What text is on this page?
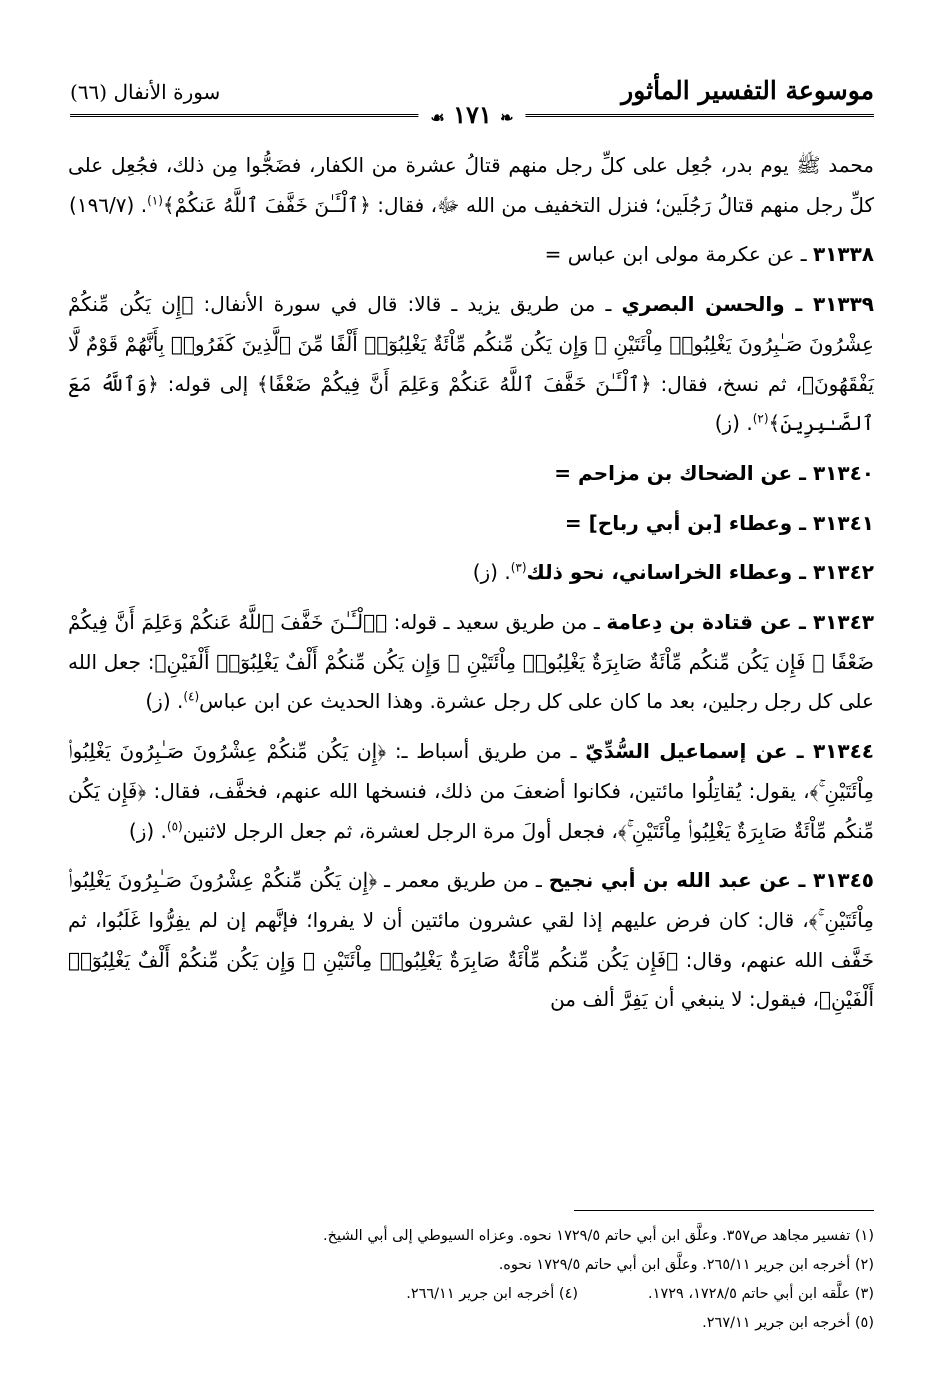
موسوعة التفسير المأثور
سورة الأنفال (٦٦)
❧ ١٧١ ☙

محمد ﷺ يوم بدر، جُعِل على كلِّ رجل منهم قتالُ عشرة من الكفار، فضَجُّوا مِن ذلك، فجُعِل على كلِّ رجل منهم قتالُ رَجُلَين؛ فنزل التخفيف من الله ﷻ، فقال: ﴿ٱلْـَٔـٰنَ خَفَّفَ ٱللَّهُ عَنكُمْ﴾$^{(١)}$. (١٩٦/٧)

٣١٣٣٨ ـ عن عكرمة مولى ابن عباس =

٣١٣٣٩ ـ والحسن البصري ـ من طريق يزيد ـ قالا: قال في سورة الأنفال: ﴿إِن يَكُن مِّنكُمْ عِشْرُونَ صَـٰبِرُونَ يَغْلِبُوا۟ مِاْئَتَيْنِ ۚ وَإِن يَكُن مِّنكُم مِّاْئَةٌ يَغْلِبُوٓا۟ أَلْفًا مِّنَ ٱلَّذِينَ كَفَرُوا۟ بِأَنَّهُمْ قَوْمٌ لَّا يَفْقَهُونَ﴾، ثم نسخ، فقال: ﴿ٱلْـَٔـٰنَ خَفَّفَ ٱللَّهُ عَنكُمْ وَعَلِمَ أَنَّ فِيكُمْ ضَعْفًا﴾ إلى قوله: ﴿وَٱللَّهُ مَعَ ٱلصَّـٰبِرِينَ﴾$^{(٢)}$. (ز)

٣١٣٤٠ ـ عن الضحاك بن مزاحم =

٣١٣٤١ ـ وعطاء [بن أبي رباح] =

٣١٣٤٢ ـ وعطاء الخراساني، نحو ذلك$^{(٣)}$. (ز)

٣١٣٤٣ ـ عن قتادة بن دِعامة ـ من طريق سعيد ـ قوله: ﴿ٱلْـَٔـٰنَ خَفَّفَ ٱللَّهُ عَنكُمْ وَعَلِمَ أَنَّ فِيكُمْ ضَعْفًا ۚ فَإِن يَكُن مِّنكُم مِّاْئَةٌ صَابِرَةٌ يَغْلِبُوا۟ مِاْئَتَيْنِ ۚ وَإِن يَكُن مِّنكُمْ أَلْفٌ يَغْلِبُوٓا۟ أَلْفَيْنِ﴾: جعل الله على كل رجل رجلين، بعد ما كان على كل رجل عشرة. وهذا الحديث عن ابن عباس$^{(٤)}$. (ز)

٣١٣٤٤ ـ عن إسماعيل السُّدِّيّ ـ من طريق أسباط ـ: ﴿إِن يَكُن مِّنكُمْ عِشْرُونَ صَـٰبِرُونَ يَغْلِبُوا۟ مِاْئَتَيْنِ ۚ﴾، يقول: يُقاتِلُوا مائتين، فكانوا أضعفَ من ذلك، فنسخها الله عنهم، فخفَّف، فقال: ﴿فَإِن يَكُن مِّنكُم مِّاْئَةٌ صَابِرَةٌ يَغْلِبُوا۟ مِاْئَتَيْنِ ۚ﴾، فجعل أولَ مرة الرجل لعشرة، ثم جعل الرجل لاثنين$^{(٥)}$. (ز)

٣١٣٤٥ ـ عن عبد الله بن أبي نجيح ـ من طريق معمر ـ ﴿إِن يَكُن مِّنكُمْ عِشْرُونَ صَـٰبِرُونَ يَغْلِبُوا۟ مِاْئَتَيْنِ ۚ﴾، قال: كان فرض عليهم إذا لقي عشرون مائتين أن لا يفروا؛ فإنَّهم إن لم يفِرُّوا غَلَبُوا، ثم خَفَّف الله عنهم، وقال: ﴿فَإِن يَكُن مِّنكُم مِّاْئَةٌ صَابِرَةٌ يَغْلِبُوا۟ مِاْئَتَيْنِ ۚ وَإِن يَكُن مِّنكُمْ أَلْفٌ يَغْلِبُوٓا۟ أَلْفَيْنِ﴾، فيقول: لا ينبغي أن يَفِرَّ ألف من

(١) تفسير مجاهد ص٣٥٧. وعلَّق ابن أبي حاتم ١٧٢٩/٥ نحوه. وعزاه السيوطي إلى أبي الشيخ.
(٢) أخرجه ابن جرير ٢٦٥/١١. وعلَّق ابن أبي حاتم ١٧٢٩/٥ نحوه.
(٣) علَّقه ابن أبي حاتم ١٧٢٨/٥، ١٧٢٩.
(٤) أخرجه ابن جرير ٢٦٦/١١.
(٥) أخرجه ابن جرير ٢٦٧/١١.
